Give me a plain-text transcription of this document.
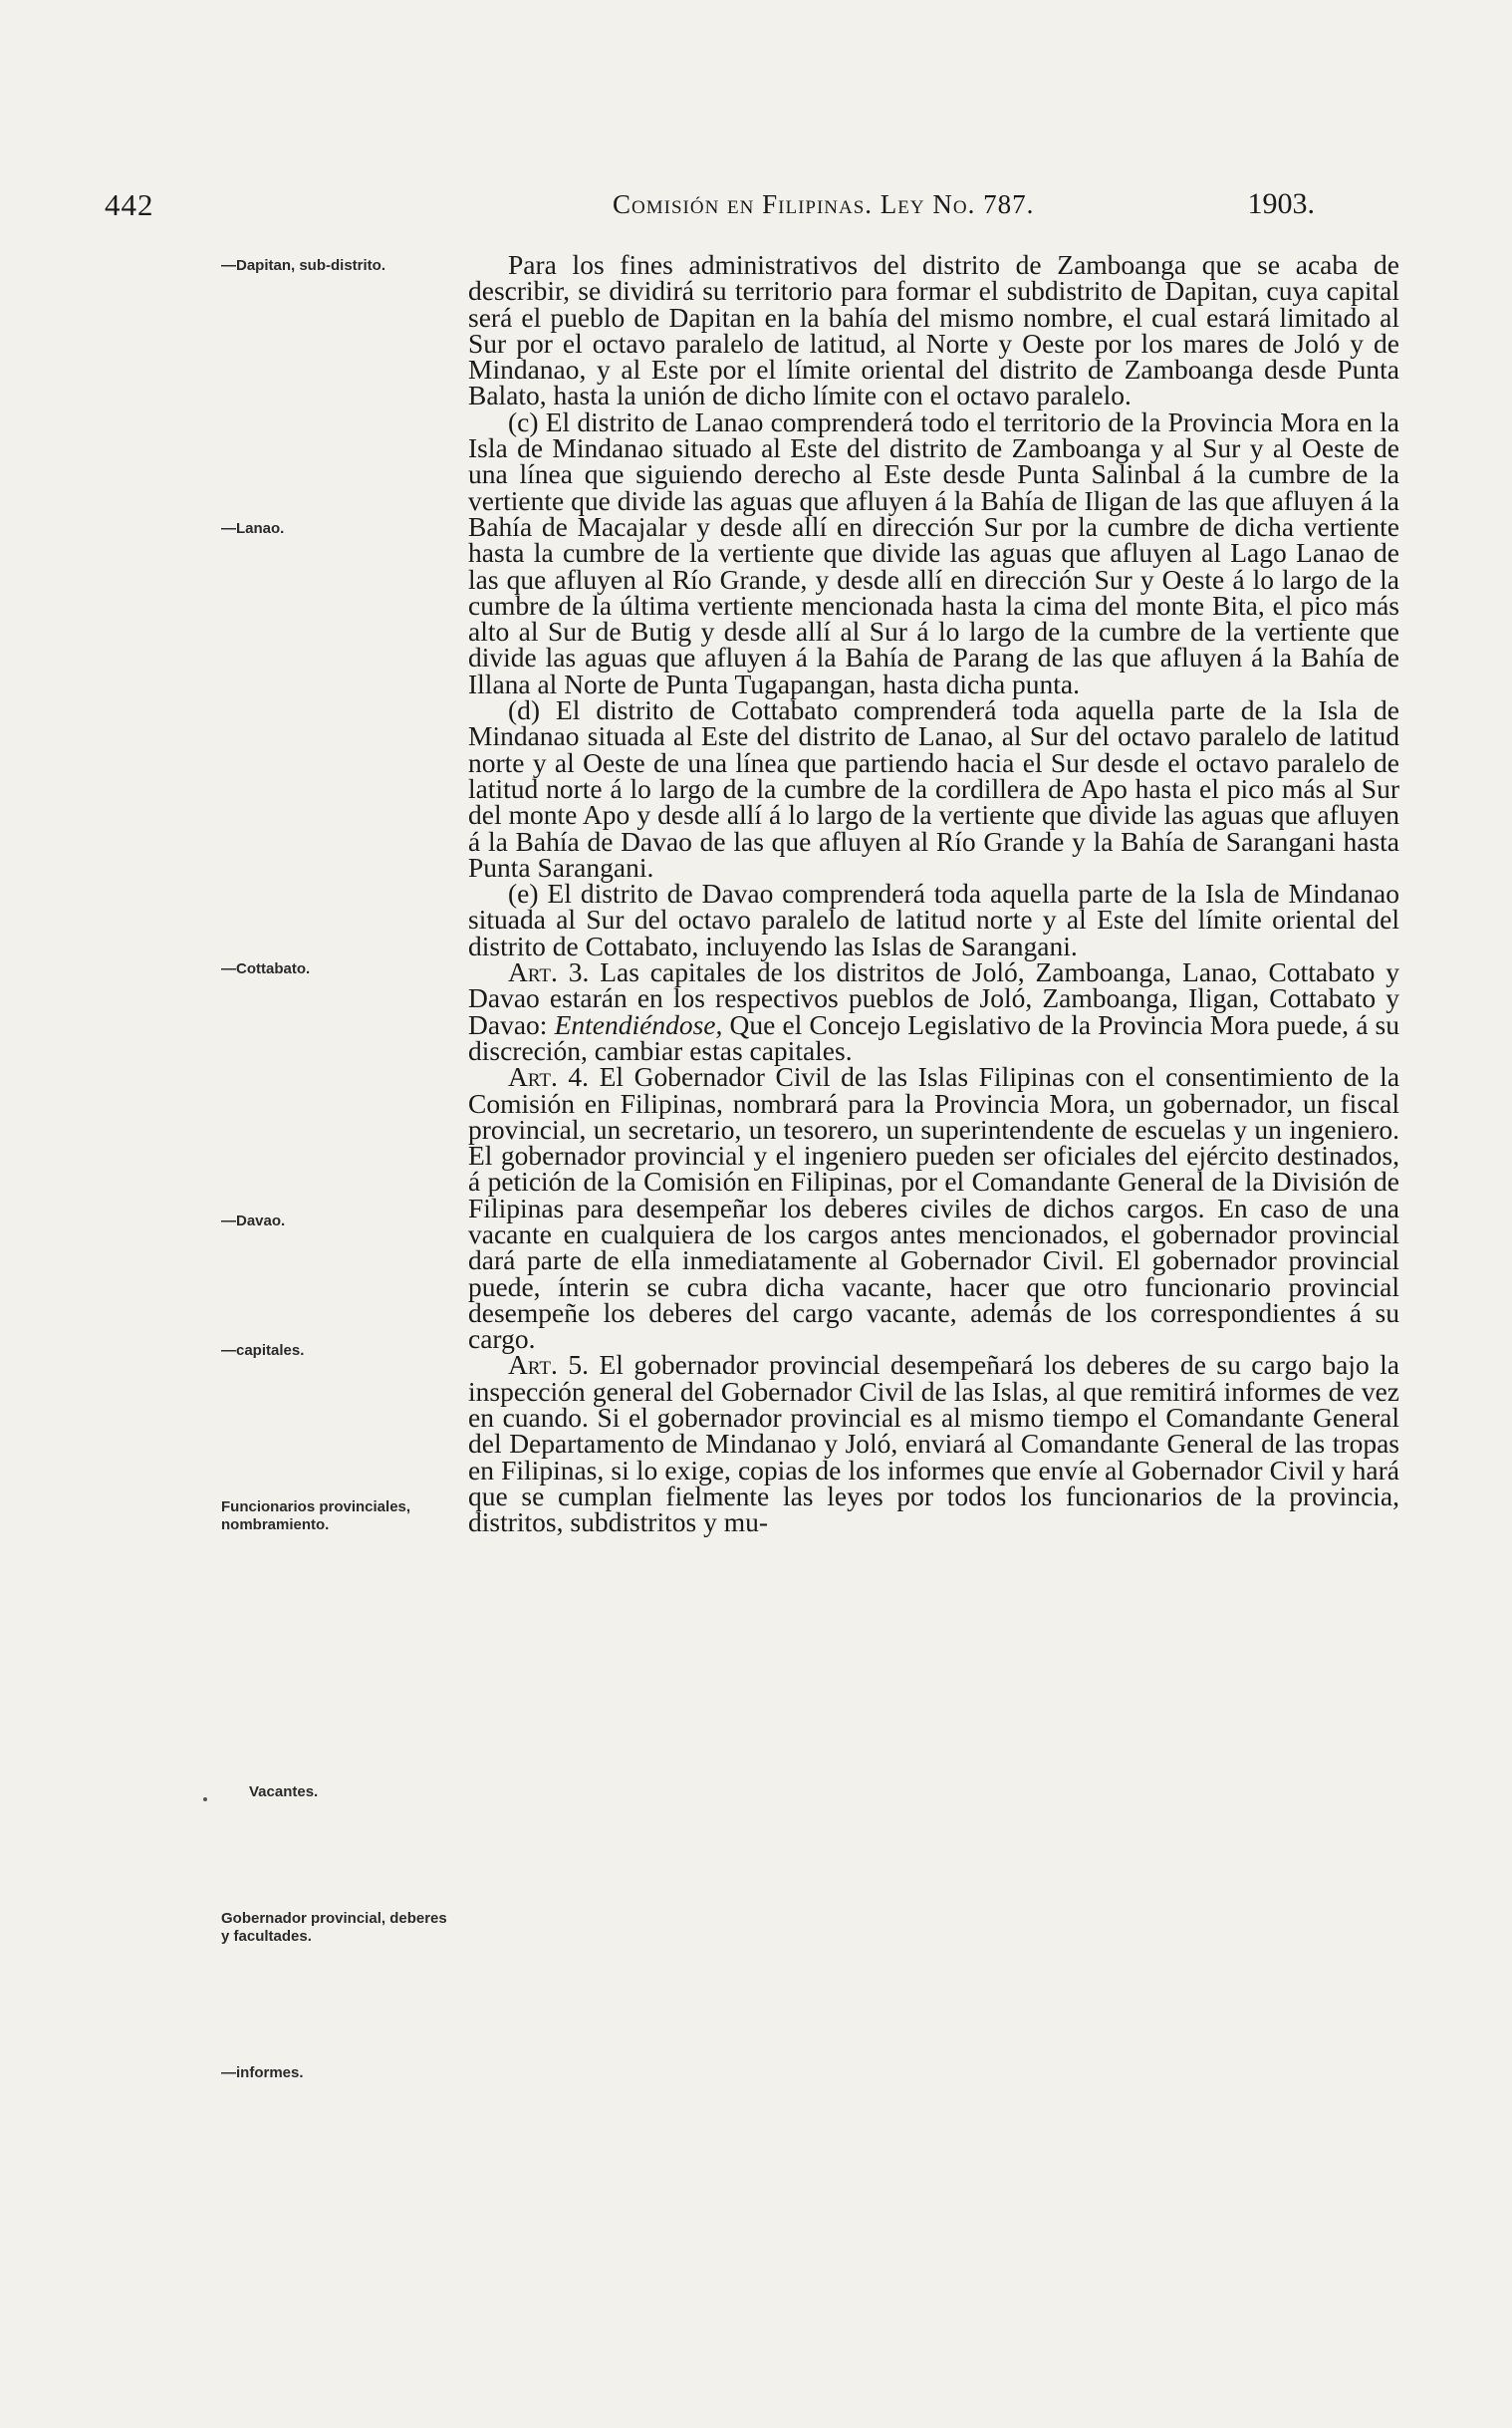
442	Comisión en Filipinas. Ley No. 787.	1903.
—Dapitan, sub-distrito.
—Lanao.
—Cottabato.
—Davao.
—capitales.
Funcionarios provinciales, nombramiento.
Vacantes.
Gobernador provincial, deberes y facultades.
—informes.

Para los fines administrativos del distrito de Zamboanga que se acaba de describir, se dividirá su territorio para formar el subdistrito de Dapitan, cuya capital será el pueblo de Dapitan en la bahía del mismo nombre, el cual estará limitado al Sur por el octavo paralelo de latitud, al Norte y Oeste por los mares de Joló y de Mindanao, y al Este por el límite oriental del distrito de Zamboanga desde Punta Balato, hasta la unión de dicho límite con el octavo paralelo.

(c) El distrito de Lanao comprenderá todo el territorio de la Provincia Mora en la Isla de Mindanao situado al Este del distrito de Zamboanga y al Sur y al Oeste de una línea que siguiendo derecho al Este desde Punta Salinbal á la cumbre de la vertiente que divide las aguas que afluyen á la Bahía de Iligan de las que afluyen á la Bahía de Macajalar y desde allí en dirección Sur por la cumbre de dicha vertiente hasta la cumbre de la vertiente que divide las aguas que afluyen al Lago Lanao de las que afluyen al Río Grande, y desde allí en dirección Sur y Oeste á lo largo de la cumbre de la última vertiente mencionada hasta la cima del monte Bita, el pico más alto al Sur de Butig y desde allí al Sur á lo largo de la cumbre de la vertiente que divide las aguas que afluyen á la Bahía de Parang de las que afluyen á la Bahía de Illana al Norte de Punta Tugapangan, hasta dicha punta.

(d) El distrito de Cottabato comprenderá toda aquella parte de la Isla de Mindanao situada al Este del distrito de Lanao, al Sur del octavo paralelo de latitud norte y al Oeste de una línea que partiendo hacia el Sur desde el octavo paralelo de latitud norte á lo largo de la cumbre de la cordillera de Apo hasta el pico más al Sur del monte Apo y desde allí á lo largo de la vertiente que divide las aguas que afluyen á la Bahía de Davao de las que afluyen al Río Grande y la Bahía de Sarangani hasta Punta Sarangani.

(e) El distrito de Davao comprenderá toda aquella parte de la Isla de Mindanao situada al Sur del octavo paralelo de latitud norte y al Este del límite oriental del distrito de Cottabato, incluyendo las Islas de Sarangani.

Art. 3. Las capitales de los distritos de Joló, Zamboanga, Lanao, Cottabato y Davao estarán en los respectivos pueblos de Joló, Zamboanga, Iligan, Cottabato y Davao: Entendiéndose, Que el Concejo Legislativo de la Provincia Mora puede, á su discreción, cambiar estas capitales.

Art. 4. El Gobernador Civil de las Islas Filipinas con el consentimiento de la Comisión en Filipinas, nombrará para la Provincia Mora, un gobernador, un fiscal provincial, un secretario, un tesorero, un superintendente de escuelas y un ingeniero. El gobernador provincial y el ingeniero pueden ser oficiales del ejército destinados, á petición de la Comisión en Filipinas, por el Comandante General de la División de Filipinas para desempeñar los deberes civiles de dichos cargos. En caso de una vacante en cualquiera de los cargos antes mencionados, el gobernador provincial dará parte de ella inmediatamente al Gobernador Civil. El gobernador provincial puede, ínterin se cubra dicha vacante, hacer que otro funcionario provincial desempeñe los deberes del cargo vacante, además de los correspondientes á su cargo.

Art. 5. El gobernador provincial desempeñará los deberes de su cargo bajo la inspección general del Gobernador Civil de las Islas, al que remitirá informes de vez en cuando. Si el gobernador provincial es al mismo tiempo el Comandante General del Departamento de Mindanao y Joló, enviará al Comandante General de las tropas en Filipinas, si lo exige, copias de los informes que envíe al Gobernador Civil y hará que se cumplan fielmente las leyes por todos los funcionarios de la provincia, distritos, subdistritos y mu-
